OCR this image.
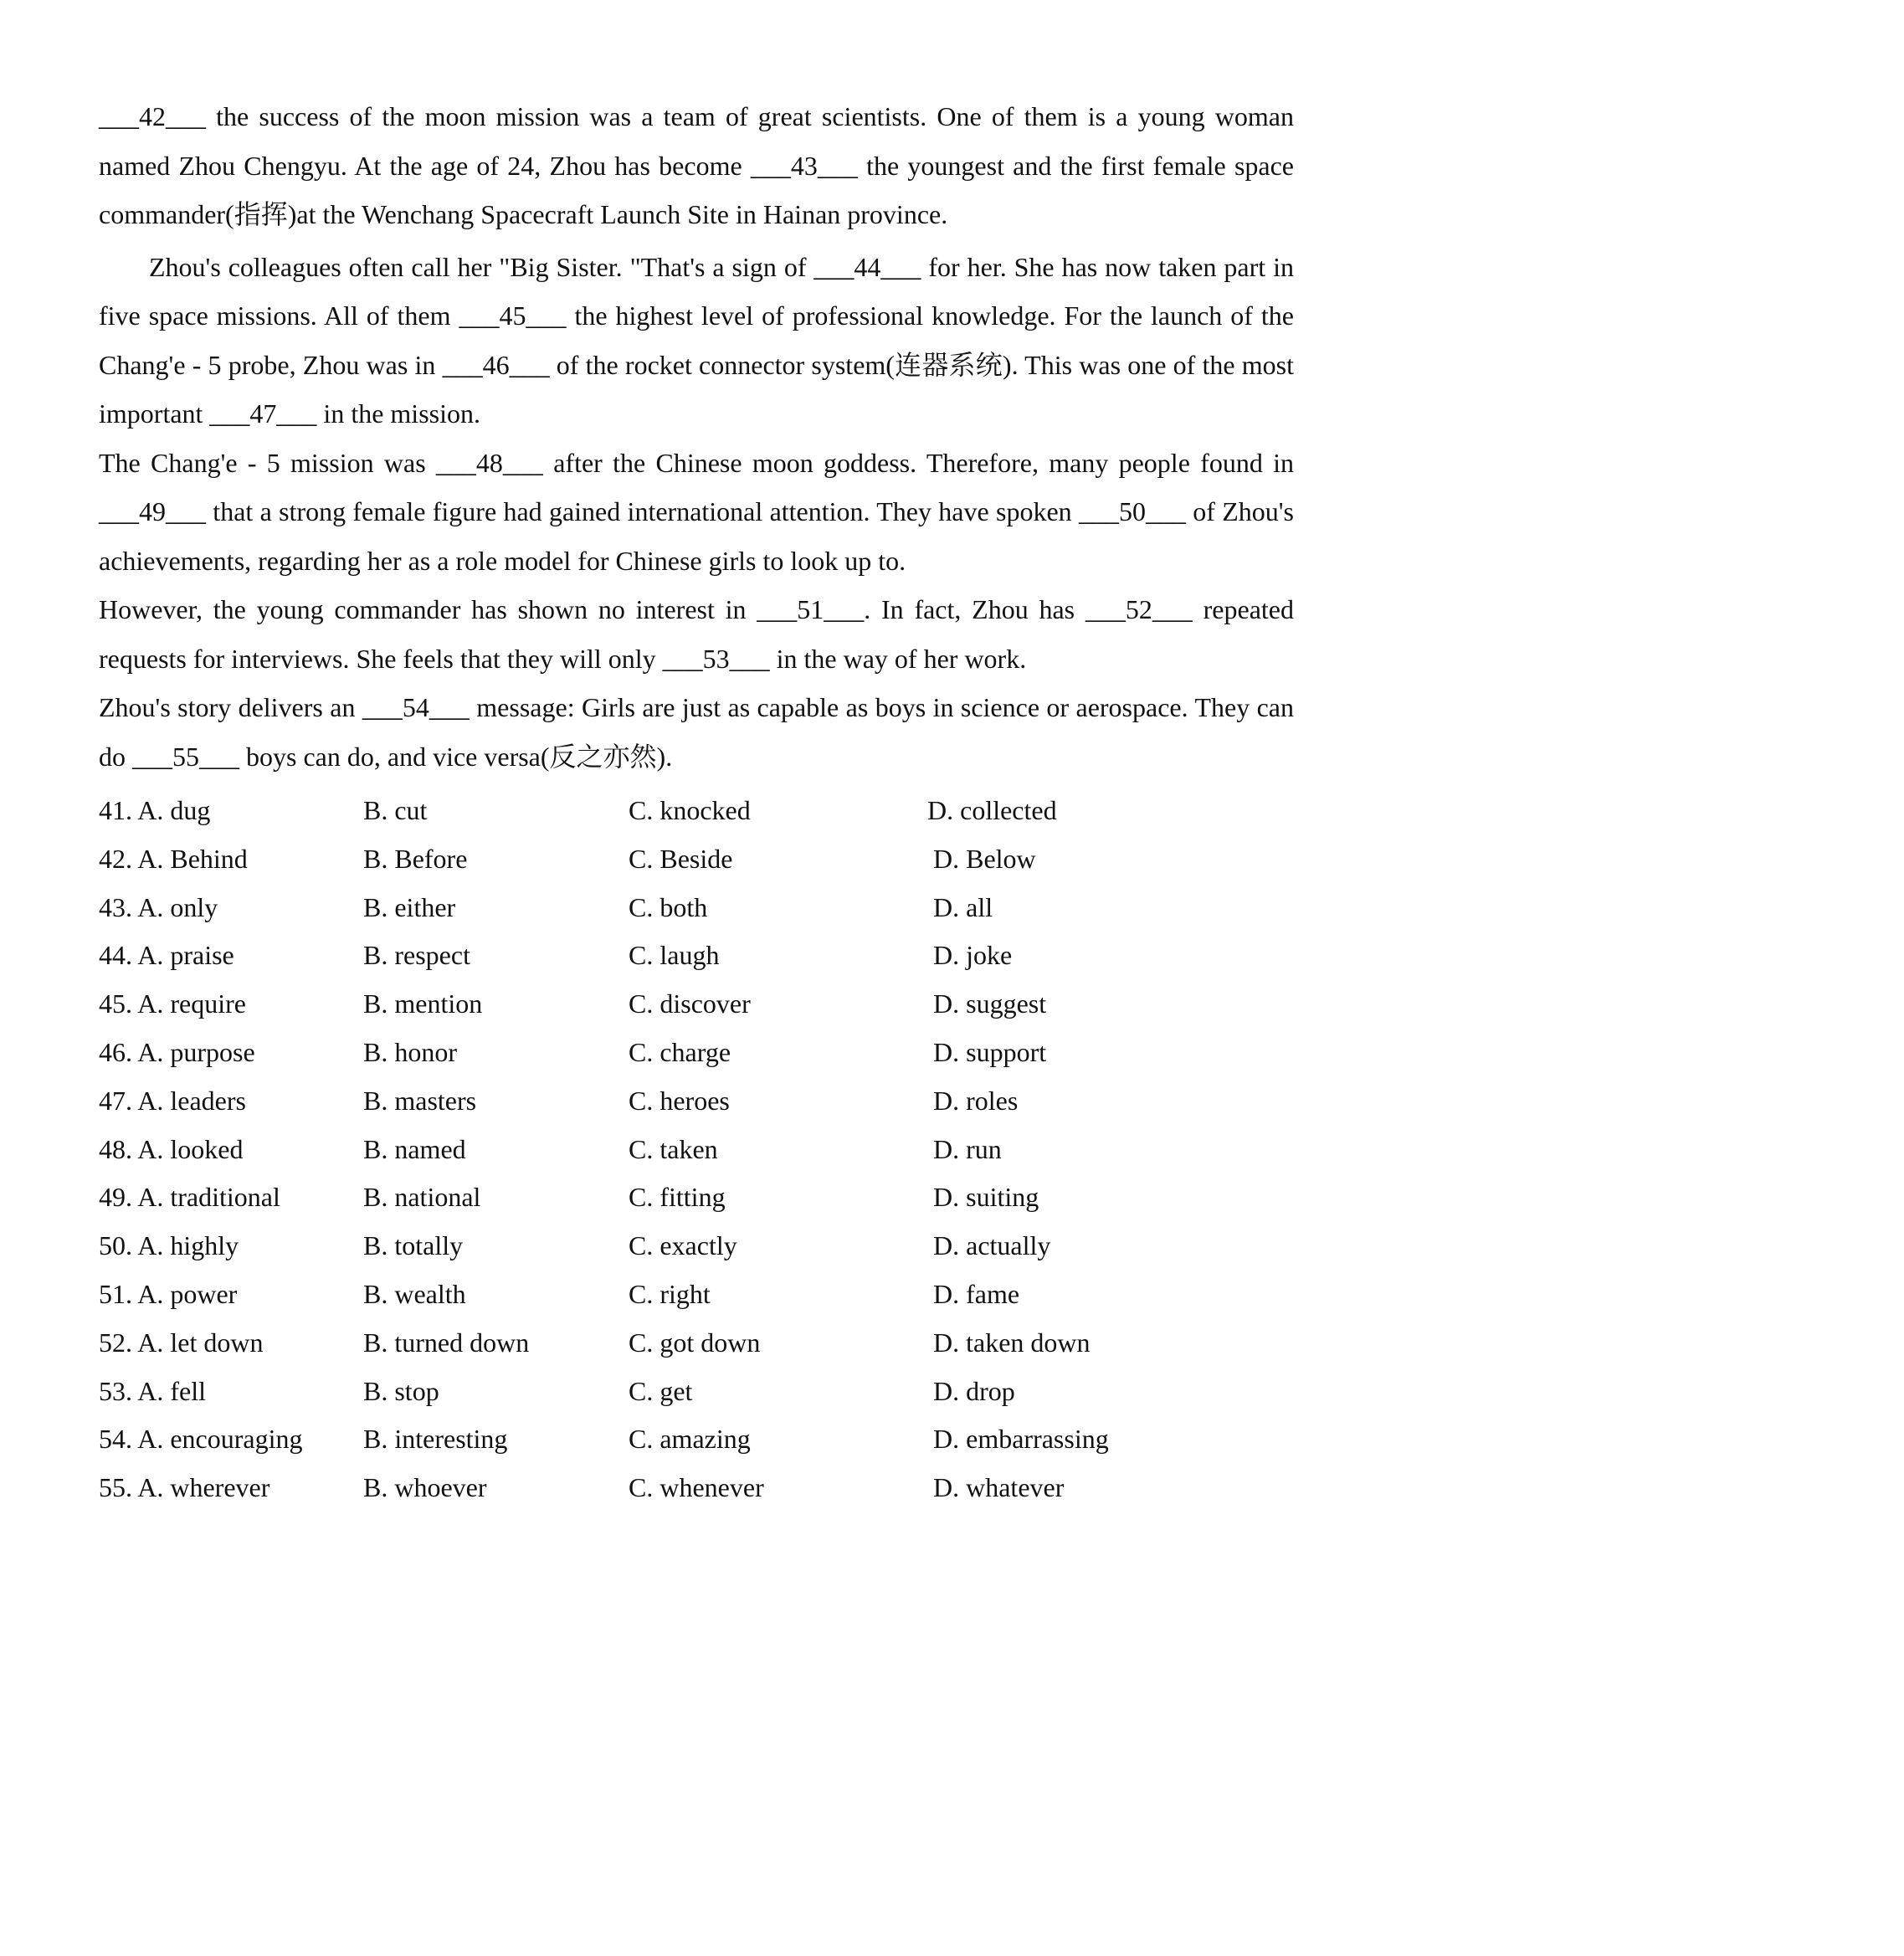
___42___ the success of the moon mission was a team of great scientists. One of them is a young woman named Zhou Chengyu. At the age of 24, Zhou has become ___43___ the youngest and the first female space commander(指挥)at the Wenchang Spacecraft Launch Site in Hainan province.

Zhou's colleagues often call her "Big Sister. "That's a sign of ___44___ for her. She has now taken part in five space missions. All of them ___45___ the highest level of professional knowledge. For the launch of the Chang'e - 5 probe, Zhou was in ___46___ of the rocket connector system(连器系统). This was one of the most important ___47___ in the mission.

The Chang'e - 5 mission was ___48___ after the Chinese moon goddess. Therefore, many people found in ___49___ that a strong female figure had gained international attention. They have spoken ___50___ of Zhou's achievements, regarding her as a role model for Chinese girls to look up to.

However, the young commander has shown no interest in ___51___. In fact, Zhou has ___52___ repeated requests for interviews. She feels that they will only ___53___ in the way of her work.

Zhou's story delivers an ___54___ message: Girls are just as capable as boys in science or aerospace. They can do ___55___ boys can do, and vice versa(反之亦然).

41. A. dug	B. cut	C. knocked	D. collected
42. A. Behind	B. Before	C. Beside	D. Below
43. A. only	B. either	C. both	D. all
44. A. praise	B. respect	C. laugh	D. joke
45. A. require	B. mention	C. discover	D. suggest
46. A. purpose	B. honor	C. charge	D. support
47. A. leaders	B. masters	C. heroes	D. roles
48. A. looked	B. named	C. taken	D. run
49. A. traditional	B. national	C. fitting	D. suiting
50. A. highly	B. totally	C. exactly	D. actually
51. A. power	B. wealth	C. right	D. fame
52. A. let down	B. turned down	C. got down	D. taken down
53. A. fell	B. stop	C. get	D. drop
54. A. encouraging B. interesting	C. amazing	D. embarrassing
55. A. wherever	B. whoever	C. whenever	D. whatever
